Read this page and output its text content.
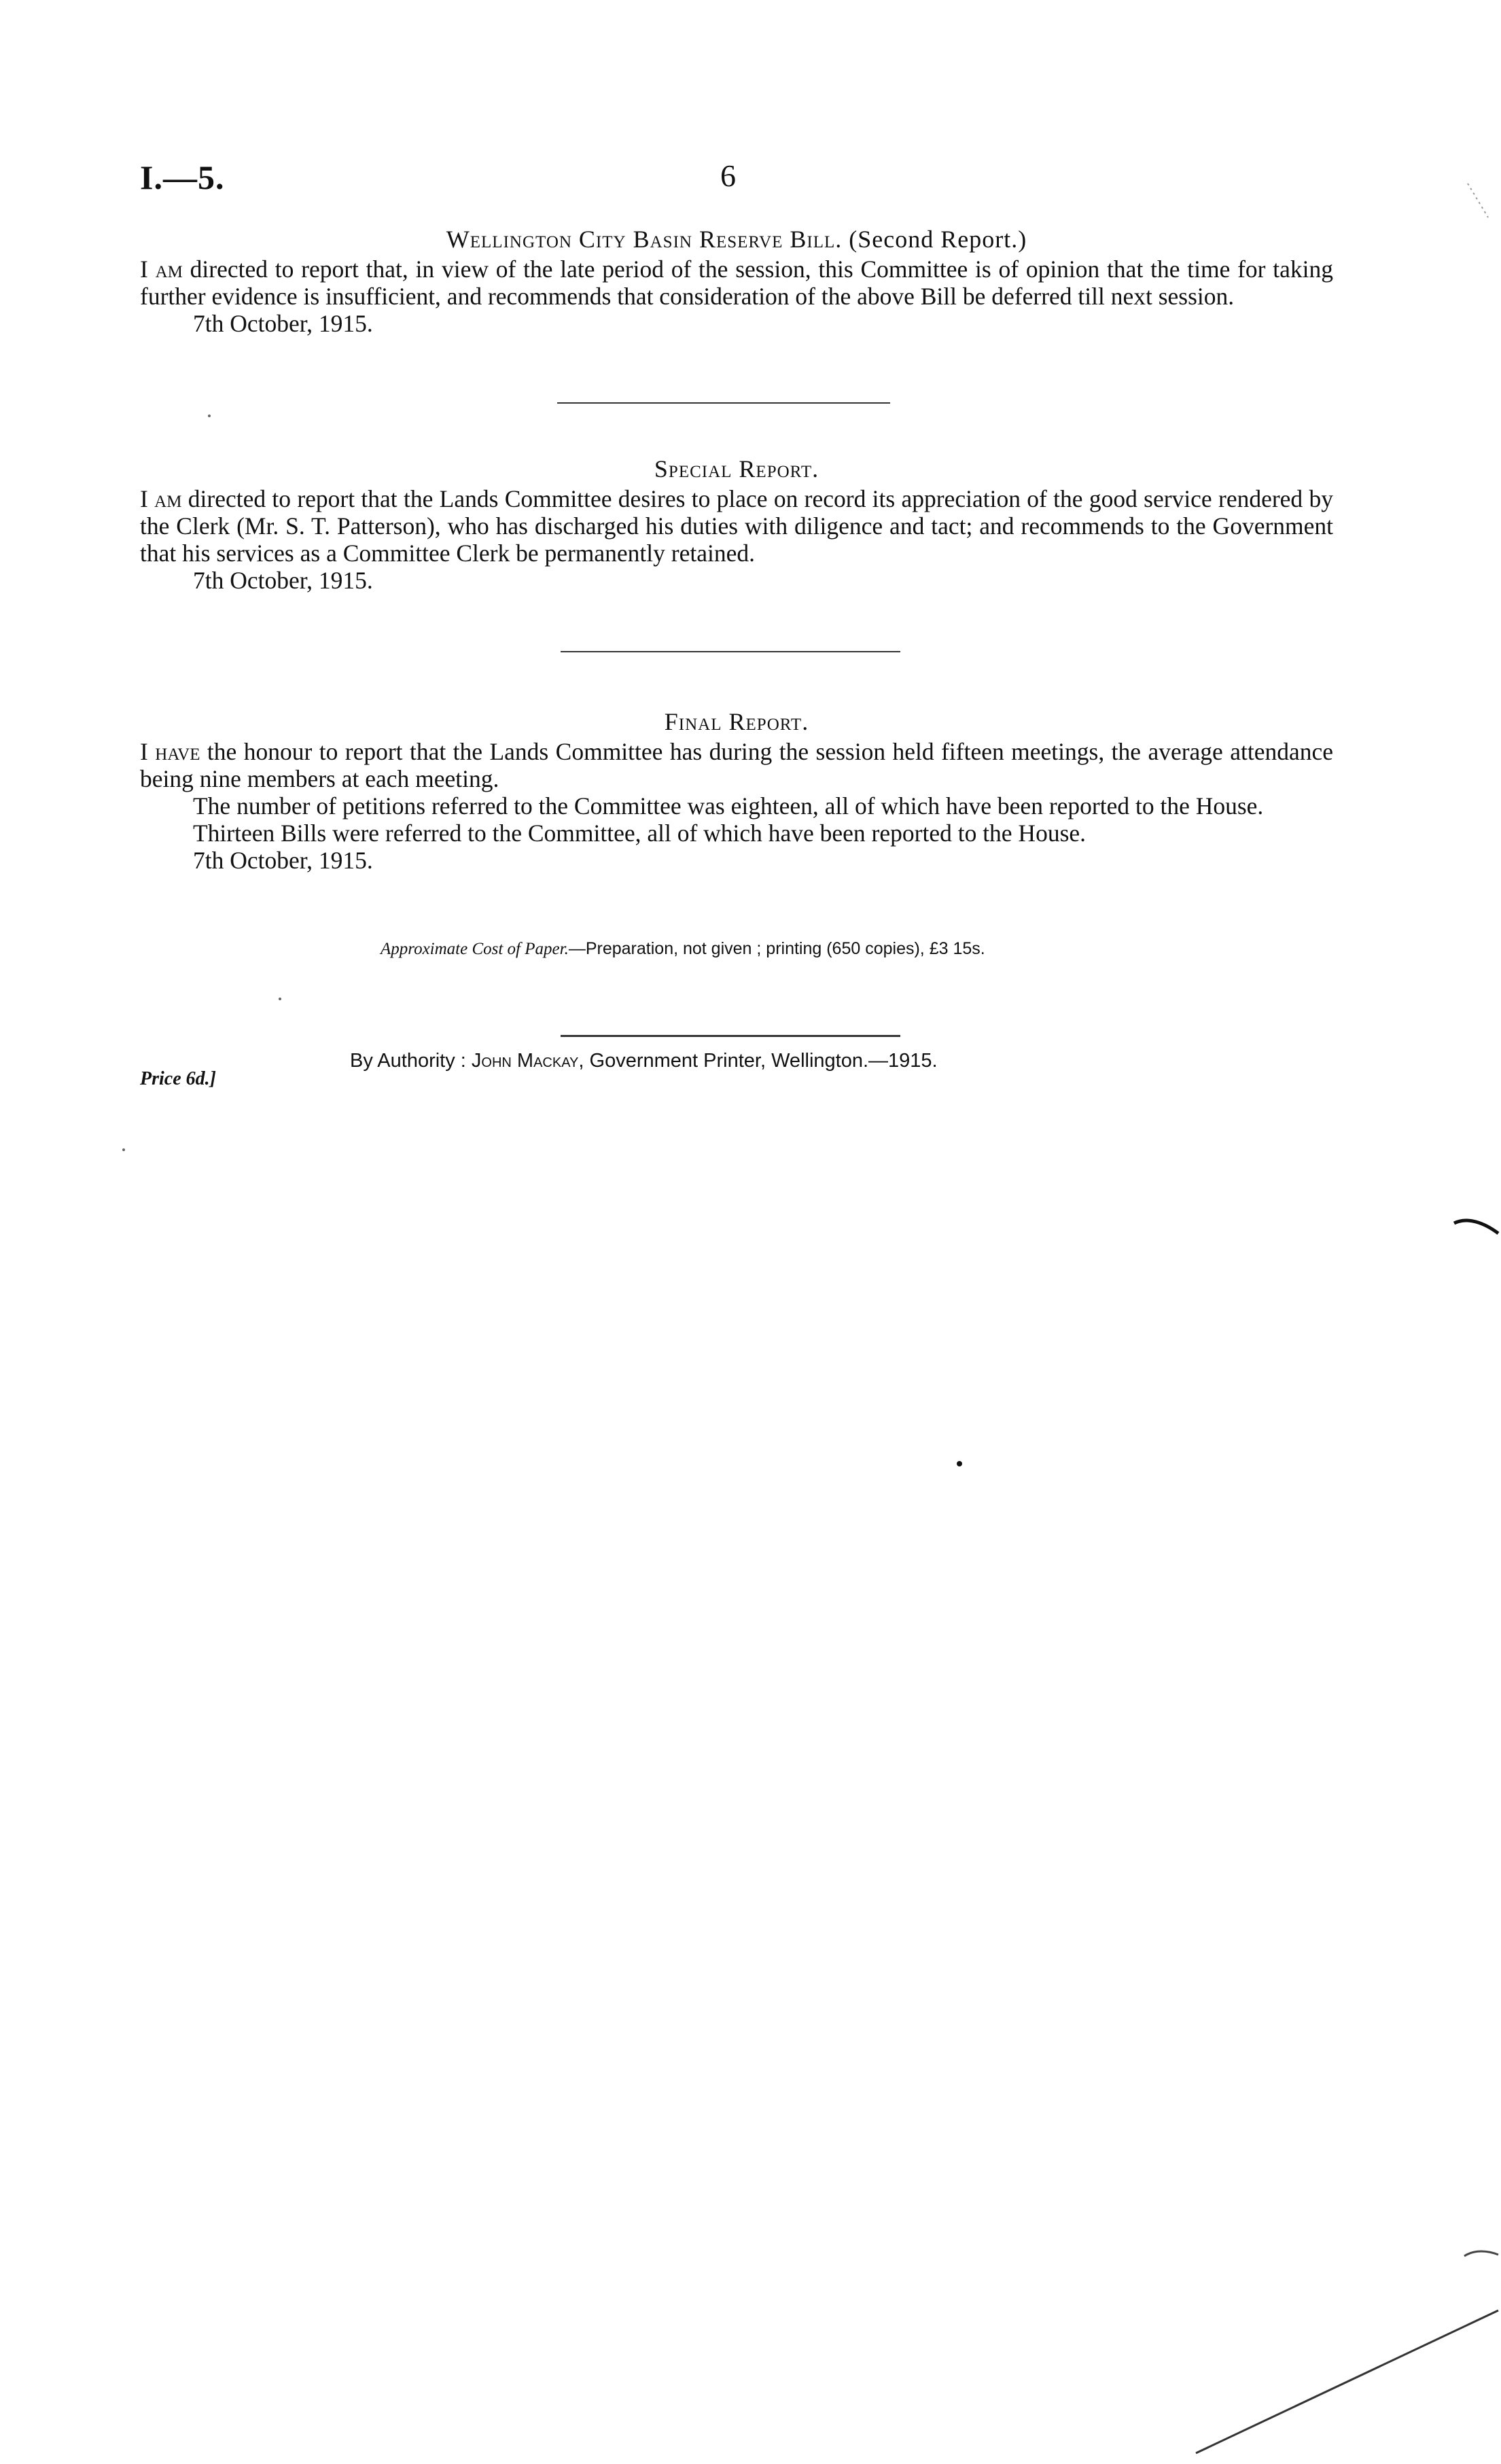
I.—5.	6
Wellington City Basin Reserve Bill. (Second Report.)

I am directed to report that, in view of the late period of the session, this Committee is of opinion that the time for taking further evidence is insufficient, and recommends that consideration of the above Bill be deferred till next session.

7th October, 1915.

Special Report.

I am directed to report that the Lands Committee desires to place on record its appreciation of the good service rendered by the Clerk (Mr. S. T. Patterson), who has discharged his duties with diligence and tact; and recommends to the Government that his services as a Committee Clerk be permanently retained.

7th October, 1915.

Final Report.

I have the honour to report that the Lands Committee has during the session held fifteen meetings, the average attendance being nine members at each meeting.

The number of petitions referred to the Committee was eighteen, all of which have been reported to the House.

Thirteen Bills were referred to the Committee, all of which have been reported to the House.

7th October, 1915.

Approximate Cost of Paper.—Preparation, not given ; printing (650 copies), £3 15s.
By Authority : John Mackay, Government Printer, Wellington.—1915.
Price 6d.]
